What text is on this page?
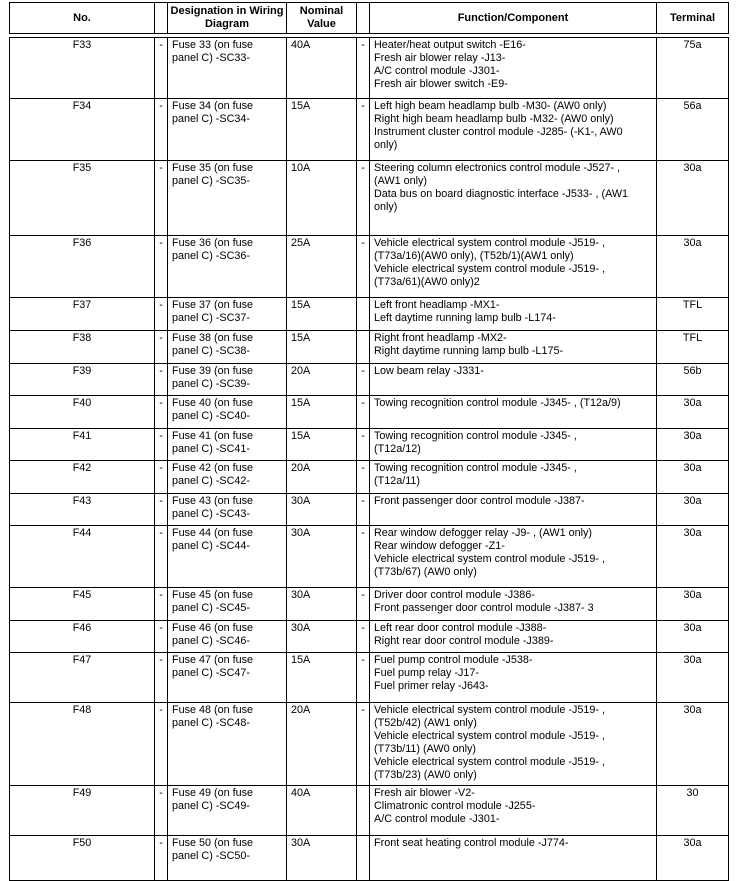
No.		Designation in Wiring Diagram	Nominal Value		Function/Component	Terminal
F33	-	Fuse 33 (on fuse
panel C) -SC33-
	40A	-	Heater/heat output switch -E16-
Fresh air blower relay -J13-
A/C control module -J301-
Fresh air blower switch -E9-
	75a
F34	-	Fuse 34 (on fuse
panel C) -SC34-
	15A	-	Left high beam headlamp bulb -M30- (AW0 only)
Right high beam headlamp bulb -M32- (AW0 only)
Instrument cluster control module -J285- (-K1-, AW0
only)
	56a
F35	-	Fuse 35 (on fuse
panel C) -SC35-
	10A	-	Steering column electronics control module -J527- ,
(AW1 only)
Data bus on board diagnostic interface -J533- , (AW1
only)
	30a
F36	-	Fuse 36 (on fuse
panel C) -SC36-
	25A	-	Vehicle electrical system control module -J519- ,
(T73a/16)(AW0 only), (T52b/1)(AW1 only)
Vehicle electrical system control module -J519- ,
(T73a/61)(AW0 only)2
	30a
F37	-	Fuse 37 (on fuse
panel C) -SC37-
	15A		Left front headlamp -MX1-
Left daytime running lamp bulb -L174-
	TFL
F38	-	Fuse 38 (on fuse
panel C) -SC38-
	15A		Right front headlamp -MX2-
Right daytime running lamp bulb -L175-
	TFL
F39	-	Fuse 39 (on fuse
panel C) -SC39-	20A	-	Low beam relay -J331-	56b
F40	-	Fuse 40 (on fuse
panel C) -SC40-	15A	-	Towing recognition control module -J345- , (T12a/9)	30a
F41	-	Fuse 41 (on fuse
panel C) -SC41-
	15A	-	Towing recognition control module -J345- ,
(T12a/12)
	30a
F42	-	Fuse 42 (on fuse
panel C) -SC42-
	20A	-	Towing recognition control module -J345- ,
(T12a/11)
	30a
F43	-	Fuse 43 (on fuse
panel C) -SC43-	30A	-	Front passenger door control module -J387-	30a
F44	-	Fuse 44 (on fuse
panel C) -SC44-
	30A	-	Rear window defogger relay -J9- , (AW1 only)
Rear window defogger -Z1-
Vehicle electrical system control module -J519- ,
(T73b/67) (AW0 only)
	30a
F45	-	Fuse 45 (on fuse
panel C) -SC45-
	30A	-	Driver door control module -J386-
Front passenger door control module -J387- 3
	30a
F46	-	Fuse 46 (on fuse
panel C) -SC46-
	30A	-	Left rear door control module -J388-
Right rear door control module -J389-
	30a
F47	-	Fuse 47 (on fuse
panel C) -SC47-
	15A	-	Fuel pump control module -J538-
Fuel pump relay -J17-
Fuel primer relay -J643-
	30a
F48	-	Fuse 48 (on fuse
panel C) -SC48-
	20A	-	Vehicle electrical system control module -J519- ,
(T52b/42) (AW1 only)
Vehicle electrical system control module -J519- ,
(T73b/11) (AW0 only)
Vehicle electrical system control module -J519- ,
(T73b/23) (AW0 only)
	30a
F49	-	Fuse 49 (on fuse
panel C) -SC49-
	40A		Fresh air blower -V2-
Climatronic control module -J255-
A/C control module -J301-
	30
F50	-	Fuse 50 (on fuse
panel C) -SC50-	30A		Front seat heating control module -J774-	30a
